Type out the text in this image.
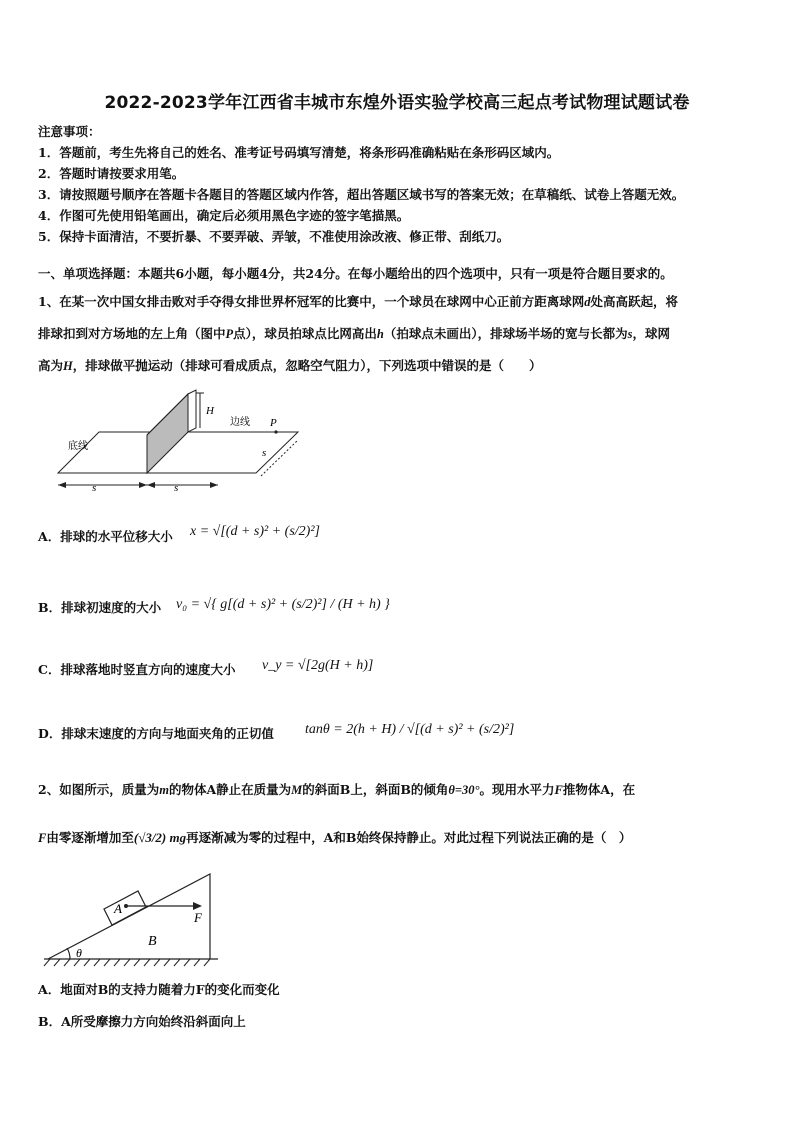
2022-2023学年江西省丰城市东煌外语实验学校高三起点考试物理试题试卷
注意事项：
1．答题前，考生先将自己的姓名、准考证号码填写清楚，将条形码准确粘贴在条形码区域内。
2．答题时请按要求用笔。
3．请按照题号顺序在答题卡各题目的答题区域内作答，超出答题区域书写的答案无效；在草稿纸、试卷上答题无效。
4．作图可先使用铅笔画出，确定后必须用黑色字迹的签字笔描黑。
5．保持卡面清洁，不要折暴、不要弄破、弄皱，不准使用涂改液、修正带、刮纸刀。
一、单项选择题：本题共6小题，每小题4分，共24分。在每小题给出的四个选项中，只有一项是符合题目要求的。
1、在某一次中国女排击败对手夺得女排世界杯冠军的比赛中，一个球员在球网中心正前方距离球网d处高高跃起，将
排球扣到对方场地的左上角（图中P点），球员拍球点比网高出h（拍球点未画出），排球场半场的宽与长都为s，球网
高为H，排球做平抛运动（排球可看成质点，忽略空气阻力），下列选项中错误的是（　　）
H
边线 P
底线
s
s	s
A．排球的水平位移大小 x = √[(d + s)² + (s/2)²]
B．排球初速度的大小 v₀ = √{ g[(d + s)² + (s/2)²] / (H + h) }
C．排球落地时竖直方向的速度大小 v_y = √[2g(H + h)]
D．排球末速度的方向与地面夹角的正切值 tanθ = 2(h + H) / √[(d + s)² + (s/2)²]
2、如图所示，质量为m的物体A静止在质量为M的斜面B上，斜面B的倾角θ=30°。现用水平力F推物体A，在
F由零逐渐增加至(√3/2) mg再逐渐减为零的过程中，A和B始终保持静止。对此过程下列说法正确的是（　）
A
B
F
θ
A．地面对B的支持力随着力F的变化而变化
B．A所受摩擦力方向始终沿斜面向上
